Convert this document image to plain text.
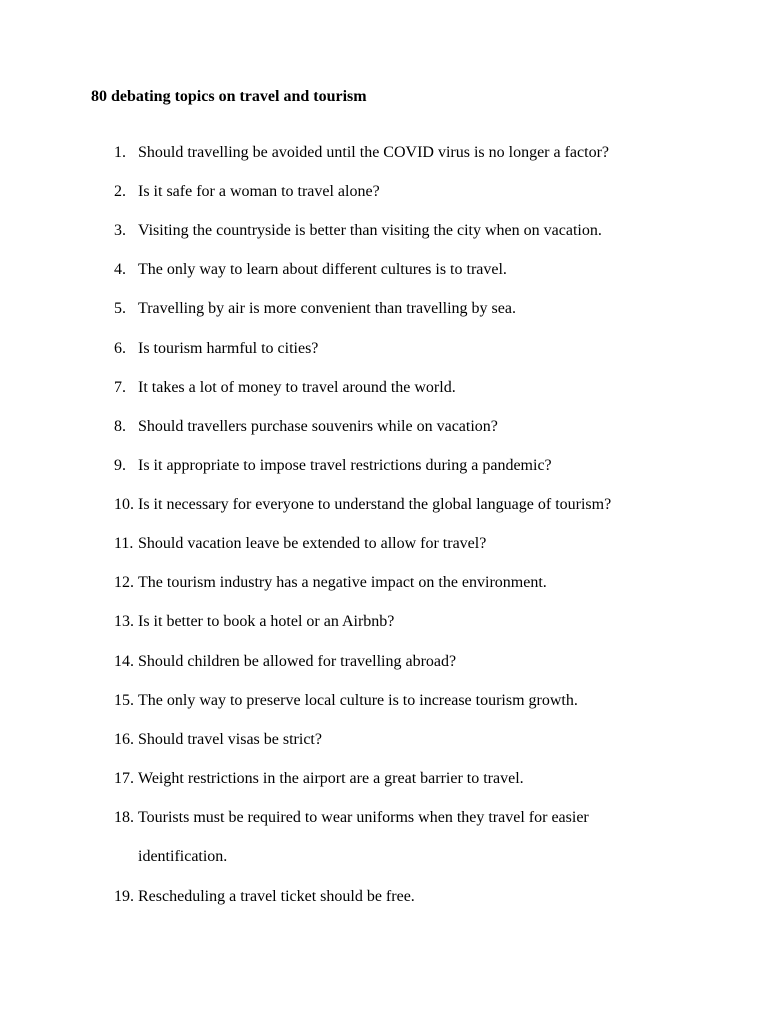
80 debating topics on travel and tourism
1. Should travelling be avoided until the COVID virus is no longer a factor?
2. Is it safe for a woman to travel alone?
3. Visiting the countryside is better than visiting the city when on vacation.
4. The only way to learn about different cultures is to travel.
5. Travelling by air is more convenient than travelling by sea.
6. Is tourism harmful to cities?
7. It takes a lot of money to travel around the world.
8. Should travellers purchase souvenirs while on vacation?
9. Is it appropriate to impose travel restrictions during a pandemic?
10. Is it necessary for everyone to understand the global language of tourism?
11. Should vacation leave be extended to allow for travel?
12. The tourism industry has a negative impact on the environment.
13. Is it better to book a hotel or an Airbnb?
14. Should children be allowed for travelling abroad?
15. The only way to preserve local culture is to increase tourism growth.
16. Should travel visas be strict?
17. Weight restrictions in the airport are a great barrier to travel.
18. Tourists must be required to wear uniforms when they travel for easier
identification.
19. Rescheduling a travel ticket should be free.
